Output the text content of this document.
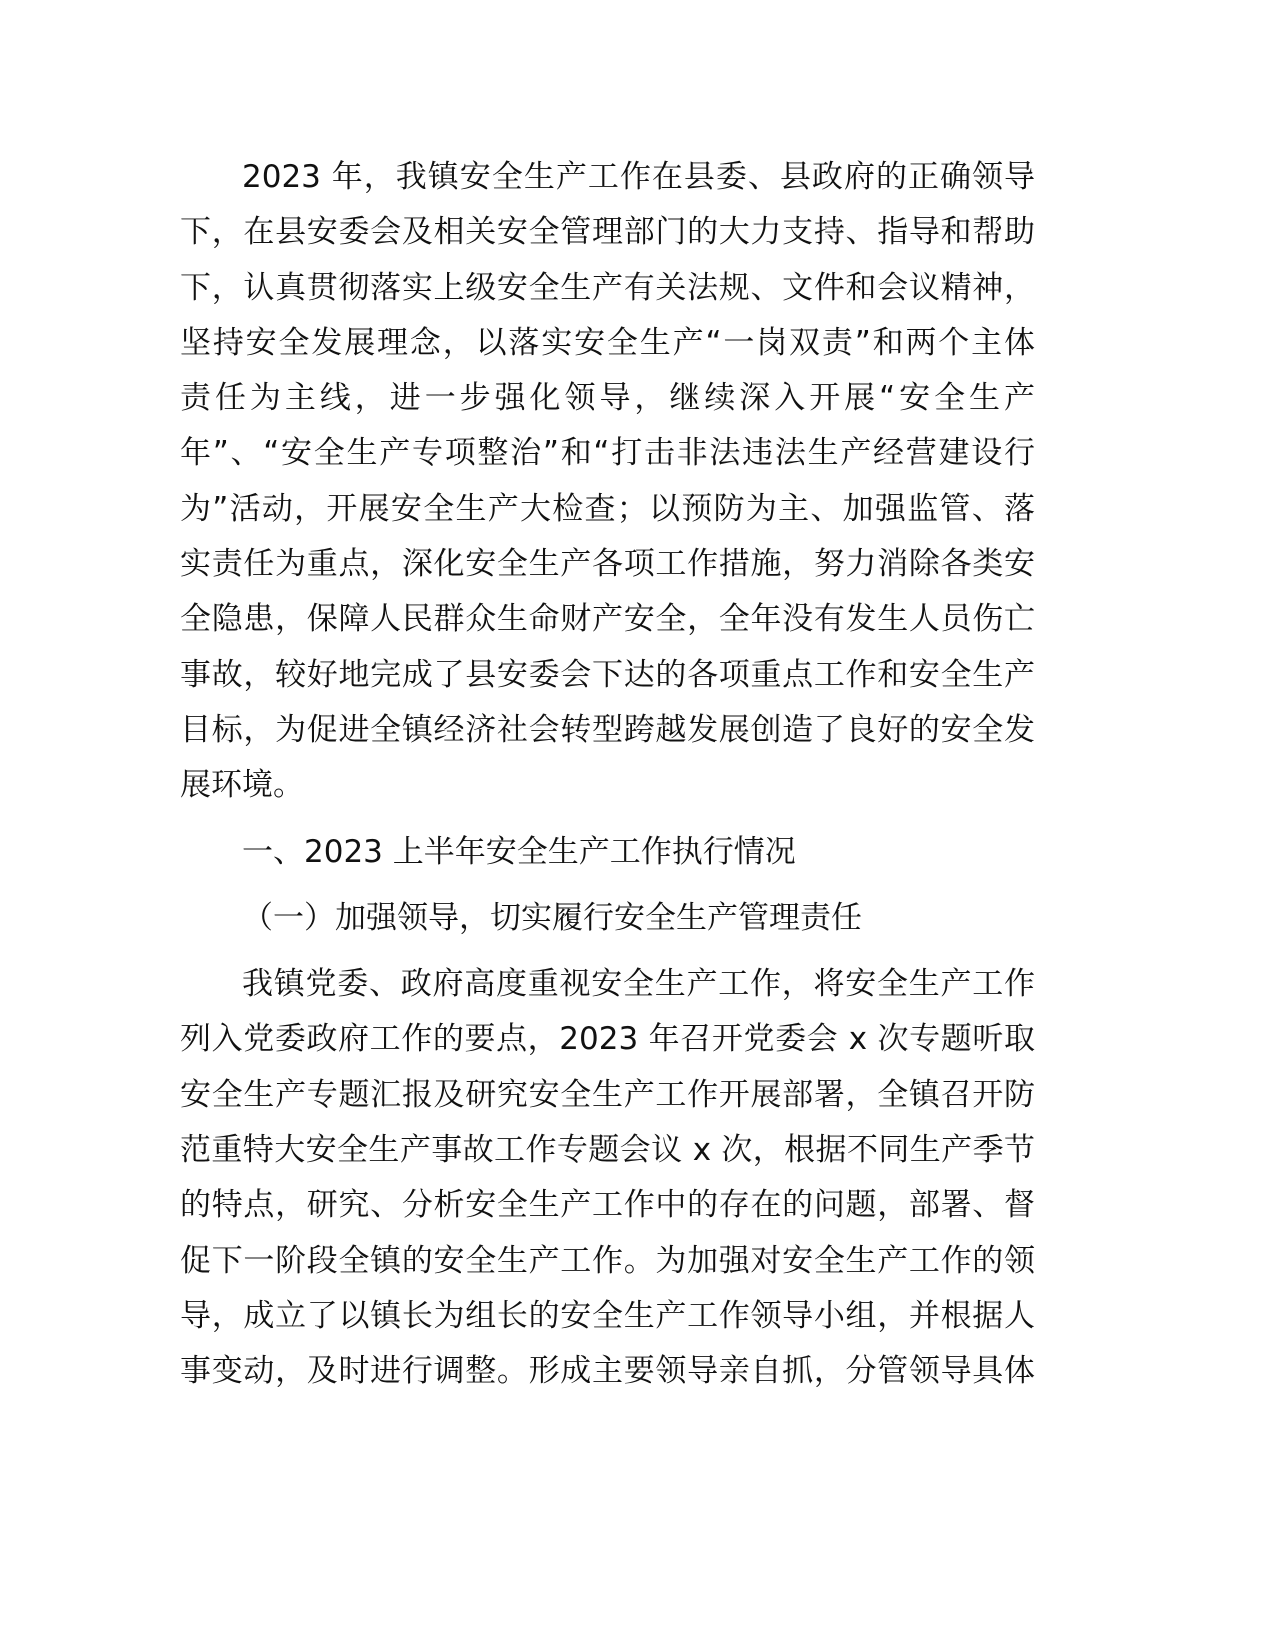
2023 年，我镇安全生产工作在县委、县政府的正确领导
下，在县安委会及相关安全管理部门的大力支持、指导和帮助
下，认真贯彻落实上级安全生产有关法规、文件和会议精神，
坚持安全发展理念，以落实安全生产“一岗双责”和两个主体
责任为主线，进一步强化领导，继续深入开展“安全生产
年”、“安全生产专项整治”和“打击非法违法生产经营建设行
为”活动，开展安全生产大检查；以预防为主、加强监管、落
实责任为重点，深化安全生产各项工作措施，努力消除各类安
全隐患，保障人民群众生命财产安全，全年没有发生人员伤亡
事故，较好地完成了县安委会下达的各项重点工作和安全生产
目标，为促进全镇经济社会转型跨越发展创造了良好的安全发
展环境。
一、2023 上半年安全生产工作执行情况
（一）加强领导，切实履行安全生产管理责任
我镇党委、政府高度重视安全生产工作，将安全生产工作
列入党委政府工作的要点，2023 年召开党委会 x 次专题听取
安全生产专题汇报及研究安全生产工作开展部署，全镇召开防
范重特大安全生产事故工作专题会议 x 次，根据不同生产季节
的特点，研究、分析安全生产工作中的存在的问题，部署、督
促下一阶段全镇的安全生产工作。为加强对安全生产工作的领
导，成立了以镇长为组长的安全生产工作领导小组，并根据人
事变动，及时进行调整。形成主要领导亲自抓，分管领导具体
